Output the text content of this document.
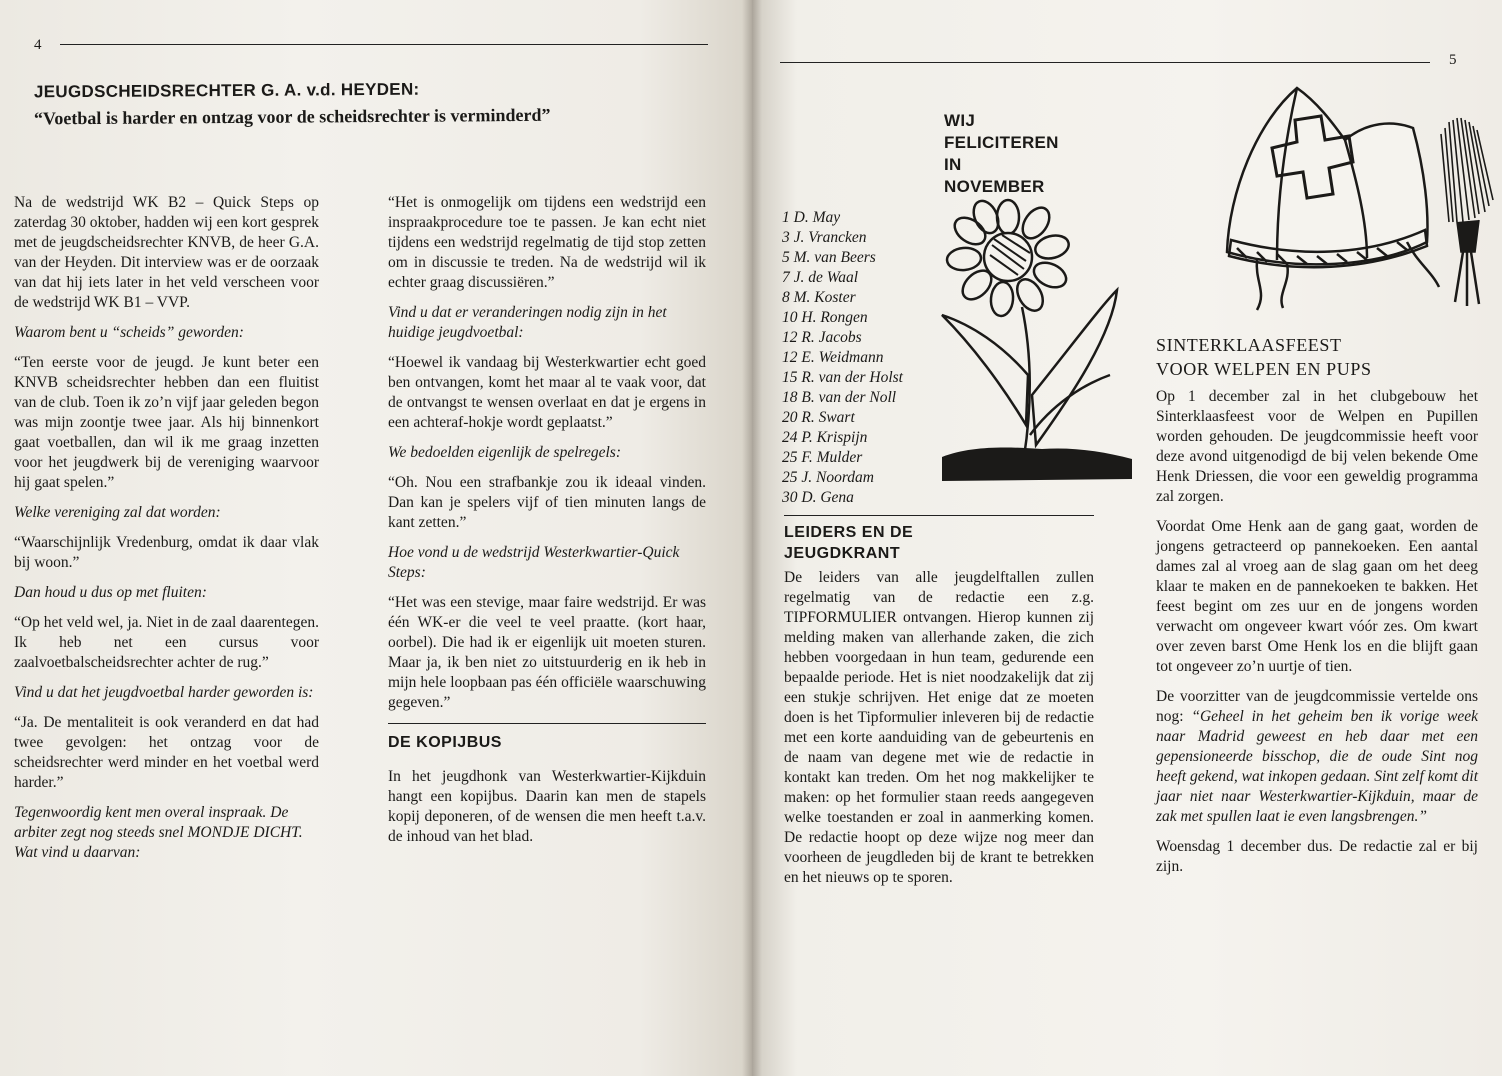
4
JEUGDSCHEIDSRECHTER G. A. v.d. HEYDEN:
“Voetbal is harder en ontzag voor de scheidsrechter is verminderd”

Na de wedstrijd WK B2 – Quick Steps op zaterdag 30 oktober, hadden wij een kort gesprek met de jeugdscheidsrechter KNVB, de heer G.A. van der Heyden. Dit interview was er de oorzaak van dat hij iets later in het veld verscheen voor de wedstrijd WK B1 – VVP.

Waarom bent u “scheids” geworden:

“Ten eerste voor de jeugd. Je kunt beter een KNVB scheidsrechter hebben dan een fluitist van de club. Toen ik zo’n vijf jaar geleden begon was mijn zoontje twee jaar. Als hij binnenkort gaat voetballen, dan wil ik me graag inzetten voor het jeugdwerk bij de vereniging waarvoor hij gaat spelen.”

Welke vereniging zal dat worden:

“Waarschijnlijk Vredenburg, omdat ik daar vlak bij woon.”

Dan houd u dus op met fluiten:

“Op het veld wel, ja. Niet in de zaal daarentegen. Ik heb net een cursus voor zaalvoetbalscheidsrechter achter de rug.”

Vind u dat het jeugdvoetbal harder geworden is:

“Ja. De mentaliteit is ook veranderd en dat had twee gevolgen: het ontzag voor de scheidsrechter werd minder en het voetbal werd harder.”

Tegenwoordig kent men overal inspraak. De arbiter zegt nog steeds snel MONDJE DICHT. Wat vind u daarvan:

“Het is onmogelijk om tijdens een wedstrijd een inspraakprocedure toe te passen. Je kan echt niet tijdens een wedstrijd regelmatig de tijd stop zetten om in discussie te treden. Na de wedstrijd wil ik echter graag discussiëren.”

Vind u dat er veranderingen nodig zijn in het huidige jeugdvoetbal:

“Hoewel ik vandaag bij Westerkwartier echt goed ben ontvangen, komt het maar al te vaak voor, dat de ontvangst te wensen overlaat en dat je ergens in een achteraf-hokje wordt geplaatst.”

We bedoelden eigenlijk de spelregels:

“Oh. Nou een strafbankje zou ik ideaal vinden. Dan kan je spelers vijf of tien minuten langs de kant zetten.”

Hoe vond u de wedstrijd Westerkwartier-Quick Steps:

“Het was een stevige, maar faire wedstrijd. Er was één WK-er die veel te veel praatte. (kort haar, oorbel). Die had ik er eigenlijk uit moeten sturen. Maar ja, ik ben niet zo uitstuurderig en ik heb in mijn hele loopbaan pas één officiële waarschuwing gegeven.”

DE KOPIJBUS

In het jeugdhonk van Westerkwartier-Kijkduin hangt een kopijbus. Daarin kan men de stapels kopij deponeren, of de wensen die men heeft t.a.v. de inhoud van het blad.

5

WIJ
FELICITEREN
IN
NOVEMBER
1 D. May
3 J. Vrancken
5 M. van Beers
7 J. de Waal
8 M. Koster
10 H. Rongen
12 R. Jacobs
12 E. Weidmann
15 R. van der Holst
18 B. van der Noll
20 R. Swart
24 P. Krispijn
25 F. Mulder
25 J. Noordam
30 D. Gena
LEIDERS EN DE
JEUGDKRANT

De leiders van alle jeugdelftallen zullen regelmatig van de redactie een z.g. TIPFORMULIER ontvangen. Hierop kunnen zij melding maken van allerhande zaken, die zich hebben voorgedaan in hun team, gedurende een bepaalde periode. Het is niet noodzakelijk dat zij een stukje schrijven. Het enige dat ze moeten doen is het Tipformulier inleveren bij de redactie met een korte aanduiding van de gebeurtenis en de naam van degene met wie de redactie in kontakt kan treden. Om het nog makkelijker te maken: op het formulier staan reeds aangegeven welke toestanden er zoal in aanmerking komen. De redactie hoopt op deze wijze nog meer dan voorheen de jeugdleden bij de krant te betrekken en het nieuws op te sporen.

SINTERKLAASFEEST
VOOR WELPEN EN PUPS

Op 1 december zal in het clubgebouw het Sinterklaasfeest voor de Welpen en Pupillen worden gehouden. De jeugdcommissie heeft voor deze avond uitgenodigd de bij velen bekende Ome Henk Driessen, die voor een geweldig programma zal zorgen.

Voordat Ome Henk aan de gang gaat, worden de jongens getracteerd op pannekoeken. Een aantal dames zal al vroeg aan de slag gaan om het deeg klaar te maken en de pannekoeken te bakken. Het feest begint om zes uur en de jongens worden verwacht om ongeveer kwart vóór zes. Om kwart over zeven barst Ome Henk los en die blijft gaan tot ongeveer zo’n uurtje of tien.

De voorzitter van de jeugdcommissie vertelde ons nog: “Geheel in het geheim ben ik vorige week naar Madrid geweest en heb daar met een gepensioneerde bisschop, die de oude Sint nog heeft gekend, wat inkopen gedaan. Sint zelf komt dit jaar niet naar Westerkwartier-Kijkduin, maar de zak met spullen laat ie even langsbrengen.”

Woensdag 1 december dus. De redactie zal er bij zijn.
